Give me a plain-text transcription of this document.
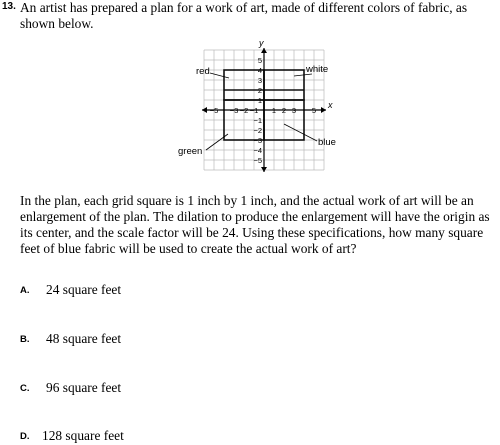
13. An artist has prepared a plan for a work of art, made of different colors of fabric, as shown below.
x
y
−5 −3 −2 −1 1 2 3 5
5
4
3
2
1
−1
−2
−3
−4
−5
red	white
green
blue
In the plan, each grid square is 1 inch by 1 inch, and the actual work of art will be an enlargement of the plan. The dilation to produce the enlargement will have the origin as its center, and the scale factor will be 24. Using these specifications, how many square feet of blue fabric will be used to create the actual work of art?
A.	24 square feet
B.	48 square feet
C.	96 square feet
D. 128 square feet
